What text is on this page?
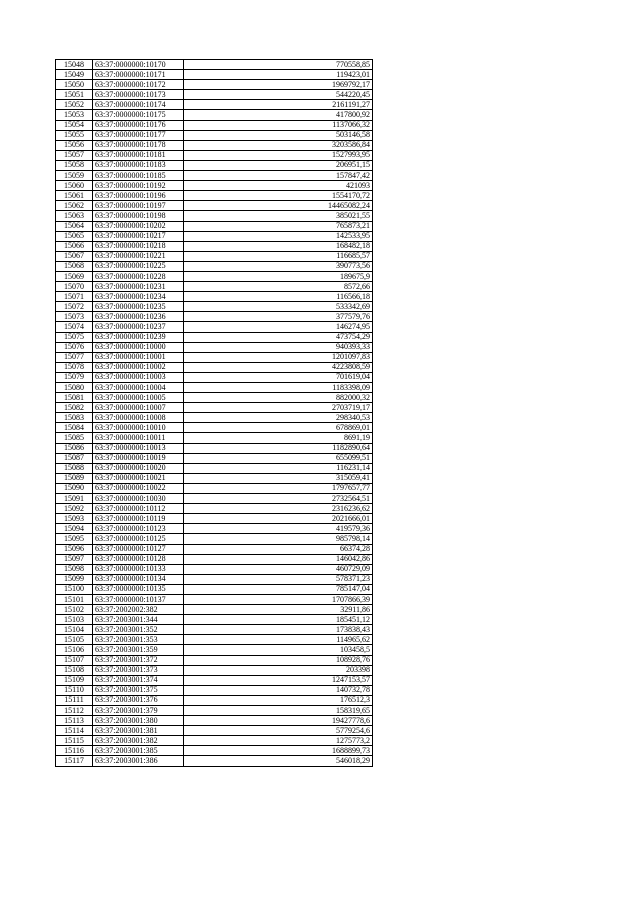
15048	63:37:0000000:10170	770558,85
15049	63:37:0000000:10171	119423,01
15050	63:37:0000000:10172	1969792,17
15051	63:37:0000000:10173	544220,45
15052	63:37:0000000:10174	2161191,27
15053	63:37:0000000:10175	417800,92
15054	63:37:0000000:10176	1137066,32
15055	63:37:0000000:10177	503146,58
15056	63:37:0000000:10178	3203586,84
15057	63:37:0000000:10181	1527993,95
15058	63:37:0000000:10183	206951,15
15059	63:37:0000000:10185	157847,42
15060	63:37:0000000:10192	421093
15061	63:37:0000000:10196	1554170,72
15062	63:37:0000000:10197	14465082,24
15063	63:37:0000000:10198	385021,55
15064	63:37:0000000:10202	765873,21
15065	63:37:0000000:10217	142533,95
15066	63:37:0000000:10218	168482,18
15067	63:37:0000000:10221	116685,57
15068	63:37:0000000:10225	390773,56
15069	63:37:0000000:10228	189675,9
15070	63:37:0000000:10231	8572,66
15071	63:37:0000000:10234	116566,18
15072	63:37:0000000:10235	533342,69
15073	63:37:0000000:10236	377579,76
15074	63:37:0000000:10237	146274,95
15075	63:37:0000000:10239	473754,29
15076	63:37:0000000:10000	940393,33
15077	63:37:0000000:10001	1201097,83
15078	63:37:0000000:10002	4223808,59
15079	63:37:0000000:10003	701619,04
15080	63:37:0000000:10004	1183398,09
15081	63:37:0000000:10005	882000,32
15082	63:37:0000000:10007	2703719,17
15083	63:37:0000000:10008	298340,53
15084	63:37:0000000:10010	678869,01
15085	63:37:0000000:10011	8691,19
15086	63:37:0000000:10013	1182890,64
15087	63:37:0000000:10019	655099,51
15088	63:37:0000000:10020	116231,14
15089	63:37:0000000:10021	315059,41
15090	63:37:0000000:10022	1797657,77
15091	63:37:0000000:10030	2732564,51
15092	63:37:0000000:10112	2316236,62
15093	63:37:0000000:10119	2021666,01
15094	63:37:0000000:10123	419579,36
15095	63:37:0000000:10125	985798,14
15096	63:37:0000000:10127	66374,28
15097	63:37:0000000:10128	146042,86
15098	63:37:0000000:10133	460729,09
15099	63:37:0000000:10134	578371,23
15100	63:37:0000000:10135	785147,04
15101	63:37:0000000:10137	1707866,39
15102	63:37:2002002:382	32911,86
15103	63:37:2003001:344	185451,12
15104	63:37:2003001:352	173838,43
15105	63:37:2003001:353	114965,62
15106	63:37:2003001:359	103458,5
15107	63:37:2003001:372	108928,76
15108	63:37:2003001:373	203398
15109	63:37:2003001:374	1247153,57
15110	63:37:2003001:375	140732,78
15111	63:37:2003001:376	176512,3
15112	63:37:2003001:379	158319,65
15113	63:37:2003001:380	19427778,6
15114	63:37:2003001:381	5779254,6
15115	63:37:2003001:382	1275773,2
15116	63:37:2003001:385	1688899,73
15117	63:37:2003001:386	546018,29
